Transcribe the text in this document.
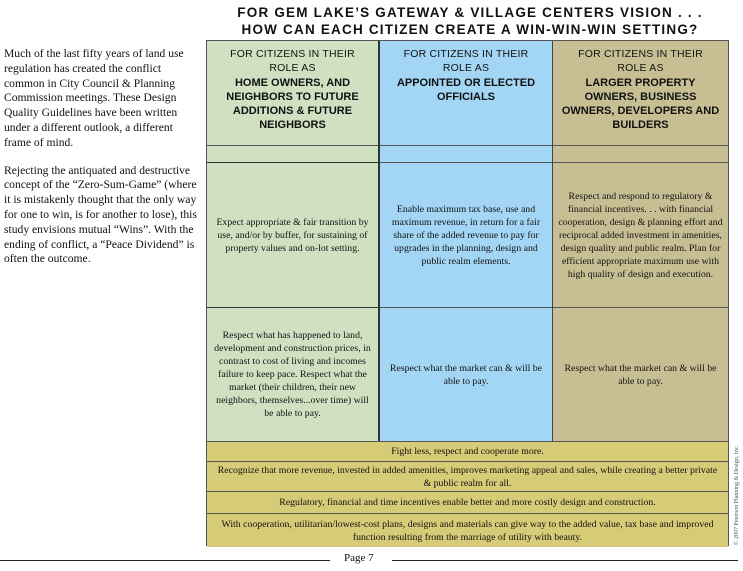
FOR GEM LAKE’S GATEWAY & VILLAGE CENTERS VISION . . .
HOW CAN EACH CITIZEN CREATE A WIN-WIN-WIN SETTING?

Much of the last fifty years of land use regulation has created the conflict common in City Council & Planning Commission meetings. These Design Quality Guidelines have been written under a different outlook, a different frame of mind.

Rejecting the antiquated and destructive concept of the “Zero-Sum-Game” (where it is mistakenly thought that the only way for one to win, is for another to lose), this study envisions mutual “Wins”. With the ending of conflict, a “Peace Dividend” is often the outcome.

FOR CITIZENS IN THEIR
ROLE AS
HOME OWNERS, AND NEIGHBORS TO FUTURE ADDITIONS & FUTURE NEIGHBORS
Expect appropriate & fair transition by use, and/or by buffer, for sustaining of property values and on-lot setting.
Respect what has happened to land, development and construction prices, in contrast to cost of living and incomes failure to keep pace. Respect what the market (their children, their new neighbors, themselves...over time) will be able to pay.
FOR CITIZENS IN THEIR
ROLE AS
APPOINTED OR ELECTED OFFICIALS
Enable maximum tax base, use and maximum revenue, in return for a fair share of the added revenue to pay for upgrades in the planning, design and public realm elements.
Respect what the market can & will be able to pay.
FOR CITIZENS IN THEIR
ROLE AS
LARGER PROPERTY OWNERS, BUSINESS OWNERS, DEVELOPERS AND BUILDERS
Respect and respond to regulatory & financial incentives. . . with financial cooperation, design & planning effort and reciprocal added investment in amenities, design quality and public realm. Plan for efficient appropriate maximum use with high quality of design and execution.
Respect what the market can & will be able to pay.
Fight less, respect and cooperate more.
Recognize that more revenue, invested in added amenities, improves marketing appeal and sales, while creating a better private & public realm for all.
Regulatory, financial and time incentives enable better and more costly design and construction.
With cooperation, utilitarian/lowest-cost plans, designs and materials can give way to the added value, tax base and improved function resulting from the marriage of utility with beauty.	© 2007 Peterson Planning & Design, Inc.
Page 7
